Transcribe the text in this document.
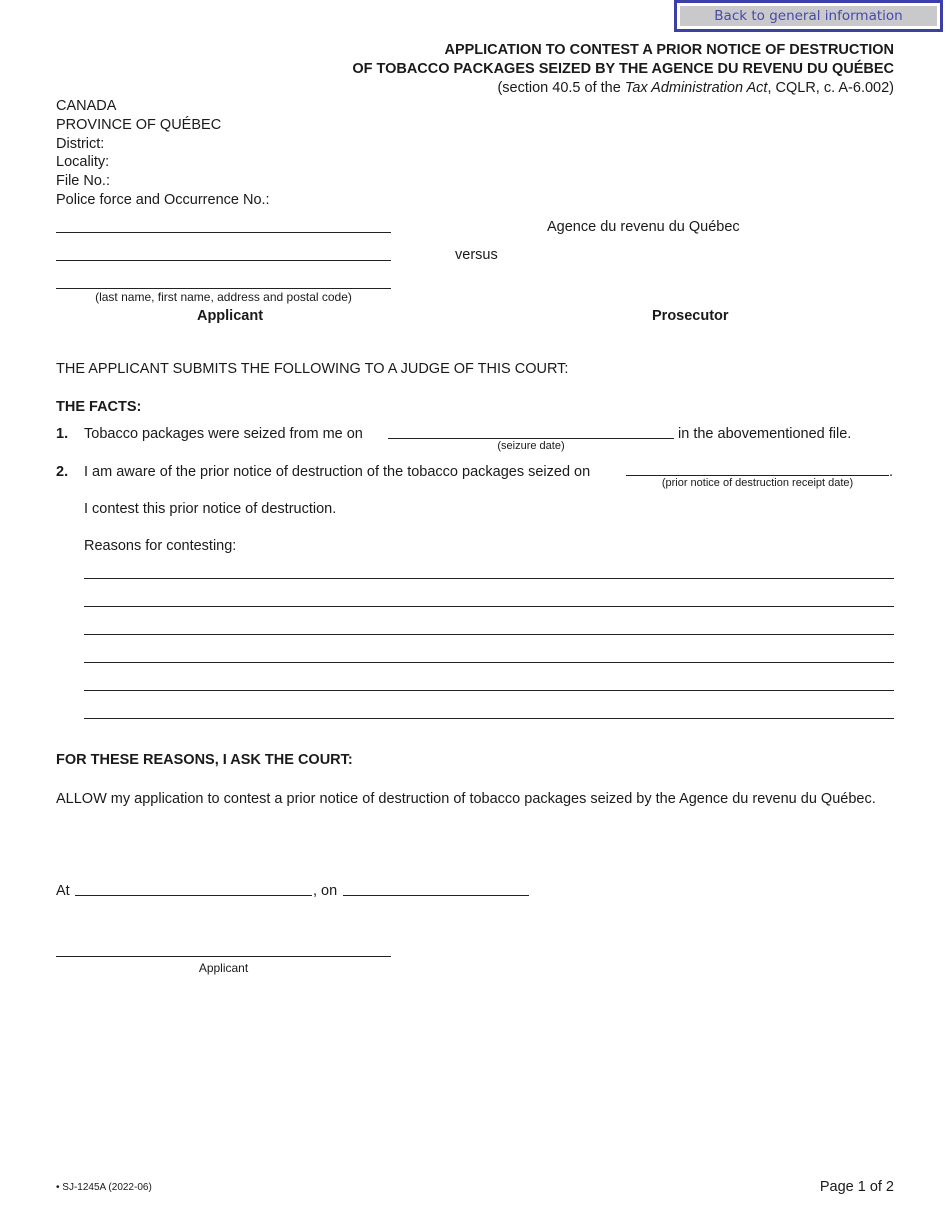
Back to general information
APPLICATION TO CONTEST A PRIOR NOTICE OF DESTRUCTION
OF TOBACCO PACKAGES SEIZED BY THE AGENCE DU REVENU DU QUÉBEC
(section 40.5 of the Tax Administration Act, CQLR, c. A-6.002)
CANADA
PROVINCE OF QUÉBEC
District:
Locality:
File No.:
Police force and Occurrence No.:
(last name, first name, address and postal code)
Applicant
Agence du revenu du Québec
versus
Prosecutor
THE APPLICANT SUBMITS THE FOLLOWING TO A JUDGE OF THIS COURT:
THE FACTS:
1. Tobacco packages were seized from me on	in the abovementioned file.
(seizure date)
2. I am aware of the prior notice of destruction of the tobacco packages seized on	.
(prior notice of destruction receipt date)
I contest this prior notice of destruction.
Reasons for contesting:
FOR THESE REASONS, I ASK THE COURT:
ALLOW my application to contest a prior notice of destruction of tobacco packages seized by the Agence du revenu du Québec.
At	, on
Applicant
• SJ-1245A (2022-06)	Page 1 of 2
